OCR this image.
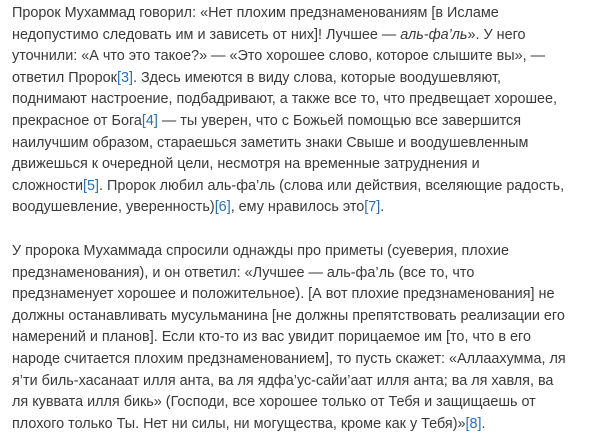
Пророк Мухаммад говорил: «Нет плохим предзнаменованиям [в Исламе
недопустимо следовать им и зависеть от них]! Лучшее — аль-фа’ль». У него
уточнили: «А что это такое?» — «Это хорошее слово, которое слышите вы», —
ответил Пророк[3]. Здесь имеются в виду слова, которые воодушевляют,
поднимают настроение, подбадривают, а также все то, что предвещает хорошее,
прекрасное от Бога[4] — ты уверен, что с Божьей помощью все завершится
наилучшим образом, стараешься заметить знаки Свыше и воодушевленным
движешься к очередной цели, несмотря на временные затруднения и
сложности[5]. Пророк любил аль-фа’ль (слова или действия, вселяющие радость,
воодушевление, уверенность)[6], ему нравилось это[7].
У пророка Мухаммада спросили однажды про приметы (суеверия, плохие
предзнаменования), и он ответил: «Лучшее — аль-фа’ль (все то, что
предзнаменует хорошее и положительное). [А вот плохие предзнаменования] не
должны останавливать мусульманина [не должны препятствовать реализации его
намерений и планов]. Если кто-то из вас увидит порицаемое им [то, что в его
народе считается плохим предзнаменованием], то пусть скажет: «Аллаахумма, ля
я’ти биль-хасанаат илля анта, ва ля ядфа’ус-сайи’аат илля анта; ва ля хавля, ва
ля куввата илля бикь» (Господи, все хорошее только от Тебя и защищаешь от
плохого только Ты. Нет ни силы, ни могущества, кроме как у Тебя)»[8].
